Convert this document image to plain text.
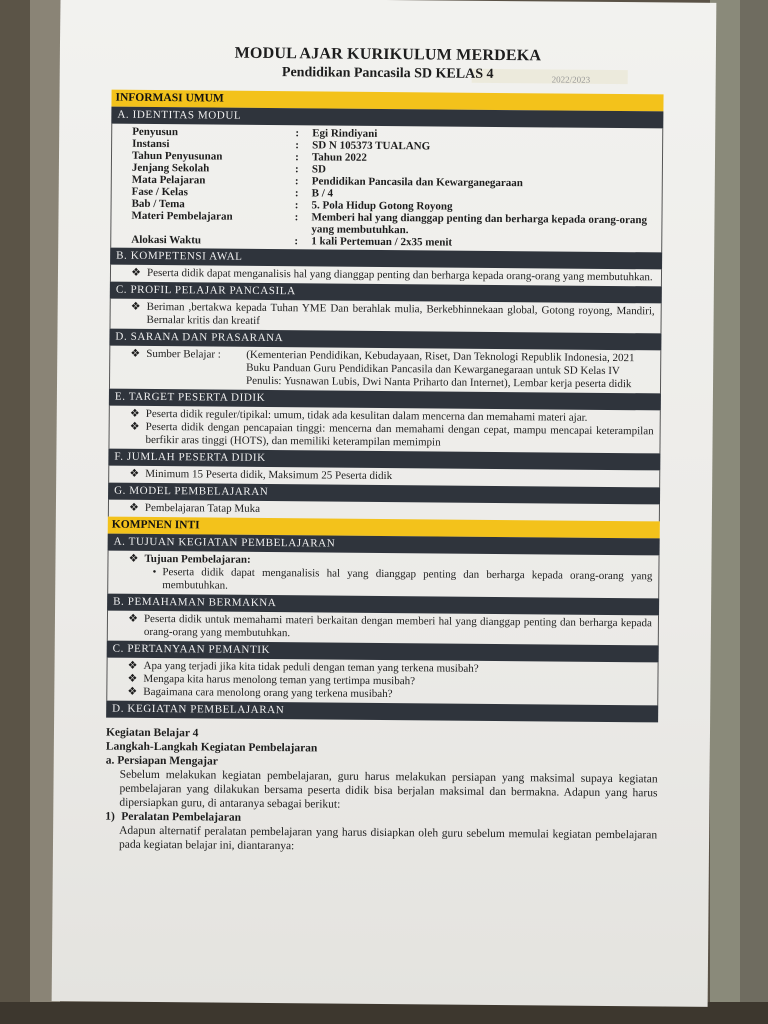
2022/2023
MODUL AJAR KURIKULUM MERDEKA
Pendidikan Pancasila SD KELAS 4
INFORMASI UMUM
A. IDENTITAS MODUL
Penyusun	:	Egi Rindiyani
Instansi	:	SD N 105373 TUALANG
Tahun Penyusunan	:	Tahun 2022
Jenjang Sekolah	:	SD
Mata Pelajaran	:	Pendidikan Pancasila dan Kewarganegaraan
Fase / Kelas	:	B / 4
Bab / Tema	:	5. Pola Hidup Gotong Royong
Materi Pembelajaran	:	Memberi hal yang dianggap penting dan berharga kepada orang-orang yang membutuhkan.
Alokasi Waktu	:	1 kali Pertemuan / 2x35 menit
B. KOMPETENSI AWAL
❖ Peserta didik dapat menganalisis hal yang dianggap penting dan berharga kepada orang-orang yang membutuhkan.
C. PROFIL PELAJAR PANCASILA
❖ Beriman ,bertakwa kepada Tuhan YME Dan berahlak mulia, Berkebhinnekaan global, Gotong royong, Mandiri, Bernalar kritis dan kreatif
D. SARANA DAN PRASARANA
❖ Sumber Belajar :	(Kementerian Pendidikan, Kebudayaan, Riset, Dan Teknologi Republik Indonesia, 2021 Buku Panduan Guru Pendidikan Pancasila dan Kewarganegaraan untuk SD Kelas IV Penulis: Yusnawan Lubis, Dwi Nanta Priharto dan Internet), Lembar kerja peserta didik
E. TARGET PESERTA DIDIK
❖ Peserta didik reguler/tipikal: umum, tidak ada kesulitan dalam mencerna dan memahami materi ajar.
❖ Peserta didik dengan pencapaian tinggi: mencerna dan memahami dengan cepat, mampu mencapai keterampilan berfikir aras tinggi (HOTS), dan memiliki keterampilan memimpin
F. JUMLAH PESERTA DIDIK
❖ Minimum 15 Peserta didik, Maksimum 25 Peserta didik
G. MODEL PEMBELAJARAN
❖ Pembelajaran Tatap Muka
KOMPNEN INTI
A. TUJUAN KEGIATAN PEMBELAJARAN
❖ Tujuan Pembelajaran:
• Peserta didik dapat menganalisis hal yang dianggap penting dan berharga kepada orang-orang yang membutuhkan.
B. PEMAHAMAN BERMAKNA
❖ Peserta didik untuk memahami materi berkaitan dengan memberi hal yang dianggap penting dan berharga kepada orang-orang yang membutuhkan.
C. PERTANYAAN PEMANTIK
❖ Apa yang terjadi jika kita tidak peduli dengan teman yang terkena musibah?
❖ Mengapa kita harus menolong teman yang tertimpa musibah?
❖ Bagaimana cara menolong orang yang terkena musibah?
D. KEGIATAN PEMBELAJARAN
Kegiatan Belajar 4
Langkah-Langkah Kegiatan Pembelajaran
a. Persiapan Mengajar
Sebelum melakukan kegiatan pembelajaran, guru harus melakukan persiapan yang maksimal supaya kegiatan pembelajaran yang dilakukan bersama peserta didik bisa berjalan maksimal dan bermakna. Adapun yang harus dipersiapkan guru, di antaranya sebagai berikut:
1) Peralatan Pembelajaran
Adapun alternatif peralatan pembelajaran yang harus disiapkan oleh guru sebelum memulai kegiatan pembelajaran pada kegiatan belajar ini, diantaranya:
